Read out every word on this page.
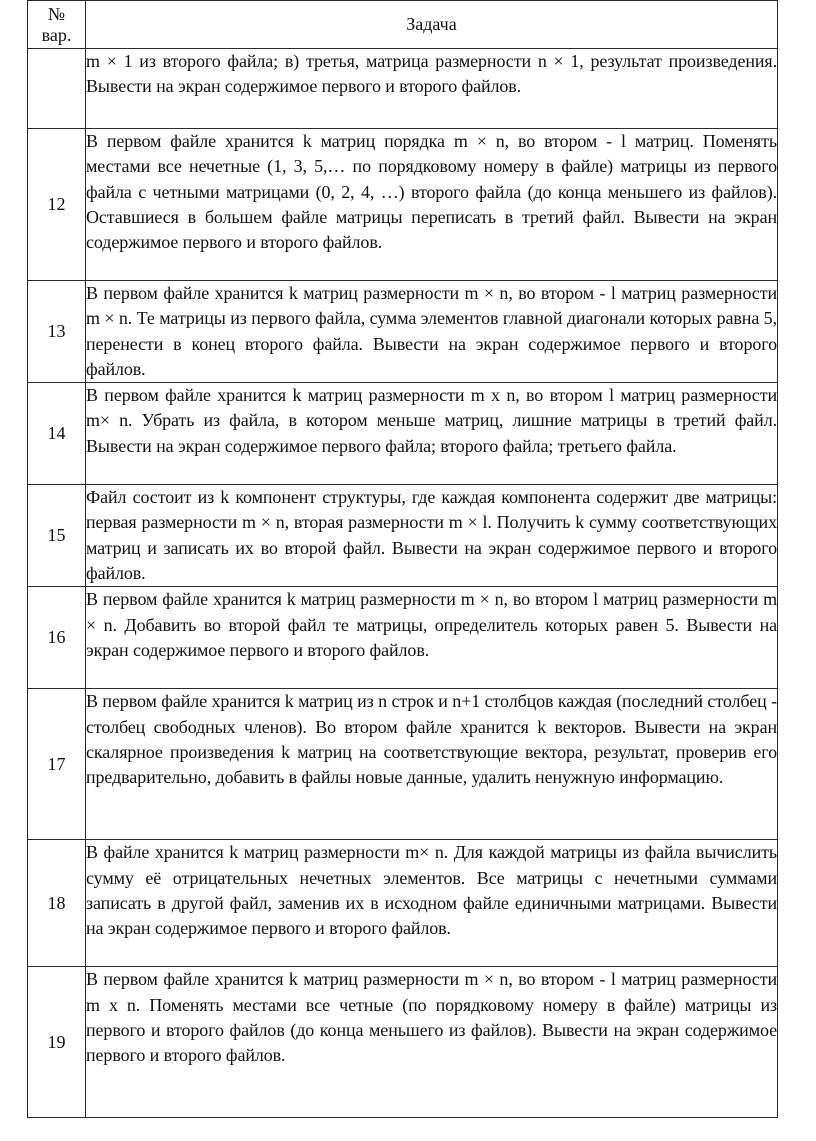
№
вар.	Задача
	m × 1 из второго файла; в) третья, матрица размерности n × 1, результат произведения. Вывести на экран содержимое первого и второго файлов.
12	В первом файле хранится k матриц порядка m × n, во втором - l матриц. Поменять местами все нечетные (1, 3, 5,… по порядковому номеру в файле) матрицы из первого файла с четными матрицами (0, 2, 4, …) второго файла (до конца меньшего из файлов). Оставшиеся в большем файле матрицы переписать в третий файл. Вывести на экран содержимое первого и второго файлов.
13	В первом файле хранится k матриц размерности m × n, во втором - l матриц размерности m × n. Те матрицы из первого файла, сумма элементов главной диагонали которых равна 5, перенести в конец второго файла. Вывести на экран содержимое первого и второго файлов.
14	В первом файле хранится k матриц размерности m x n, во втором l матриц размерности m× n. Убрать из файла, в котором меньше матриц, лишние матрицы в третий файл. Вывести на экран содержимое первого файла; второго файла; третьего файла.
15	Файл состоит из k компонент структуры, где каждая компонента содержит две матрицы: первая размерности m × n, вторая размерности m × l. Получить k сумму соответствующих матриц и записать их во второй файл. Вывести на экран содержимое первого и второго файлов.
16	В первом файле хранится k матриц размерности m × n, во втором l матриц размерности m × n. Добавить во второй файл те матрицы, определитель которых равен 5. Вывести на экран содержимое первого и второго файлов.
17	В первом файле хранится k матриц из n строк и n+1 столбцов каждая (последний столбец - столбец свободных членов). Во втором файле хранится k векторов. Вывести на экран скалярное произведения k матриц на соответствующие вектора, результат, проверив его предварительно, добавить в файлы новые данные, удалить ненужную информацию.
18	В файле хранится k матриц размерности m× n. Для каждой матрицы из файла вычислить сумму её отрицательных нечетных элементов. Все матрицы с нечетными суммами записать в другой файл, заменив их в исходном файле единичными матрицами. Вывести на экран содержимое первого и второго файлов.
19	В первом файле хранится k матриц размерности m × n, во втором - l матриц размерности m x n. Поменять местами все четные (по порядковому номеру в файле) матрицы из первого и второго файлов (до конца меньшего из файлов). Вывести на экран содержимое первого и второго файлов.
